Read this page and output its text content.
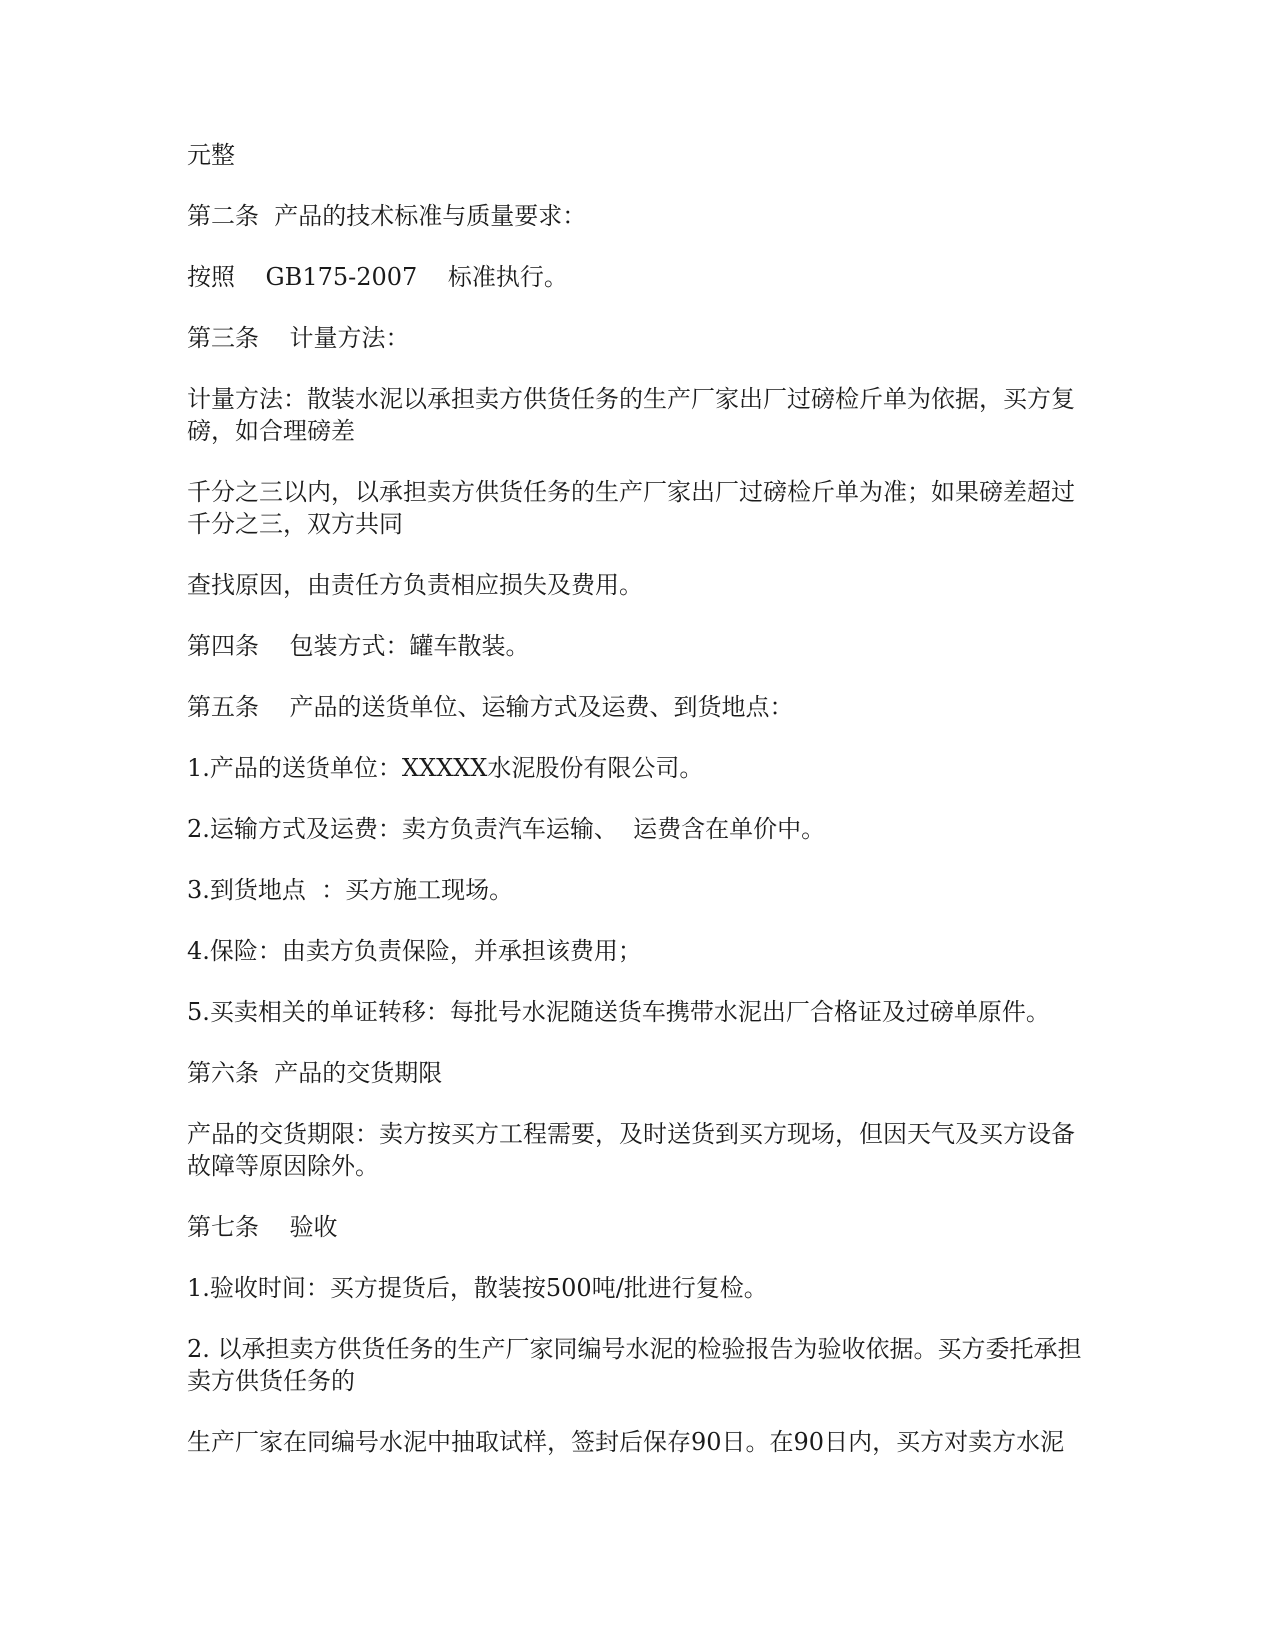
元整

第二条  产品的技术标准与质量要求：

按照    GB175-2007    标准执行。

第三条    计量方法：

计量方法：散装水泥以承担卖方供货任务的生产厂家出厂过磅检斤单为依据，买方复磅，如合理磅差

千分之三以内，以承担卖方供货任务的生产厂家出厂过磅检斤单为准；如果磅差超过千分之三，双方共同

查找原因，由责任方负责相应损失及费用。

第四条    包装方式：罐车散装。

第五条    产品的送货单位、运输方式及运费、到货地点：

1.产品的送货单位：XXXXX水泥股份有限公司。

2.运输方式及运费：卖方负责汽车运输、  运费含在单价中。

3.到货地点  ：买方施工现场。

4.保险：由卖方负责保险，并承担该费用；

5.买卖相关的单证转移：每批号水泥随送货车携带水泥出厂合格证及过磅单原件。

第六条  产品的交货期限

产品的交货期限：卖方按买方工程需要，及时送货到买方现场，但因天气及买方设备故障等原因除外。

第七条    验收

1.验收时间：买方提货后，散装按500吨/批进行复检。

2. 以承担卖方供货任务的生产厂家同编号水泥的检验报告为验收依据。买方委托承担卖方供货任务的

生产厂家在同编号水泥中抽取试样，签封后保存90日。在90日内，买方对卖方水泥
